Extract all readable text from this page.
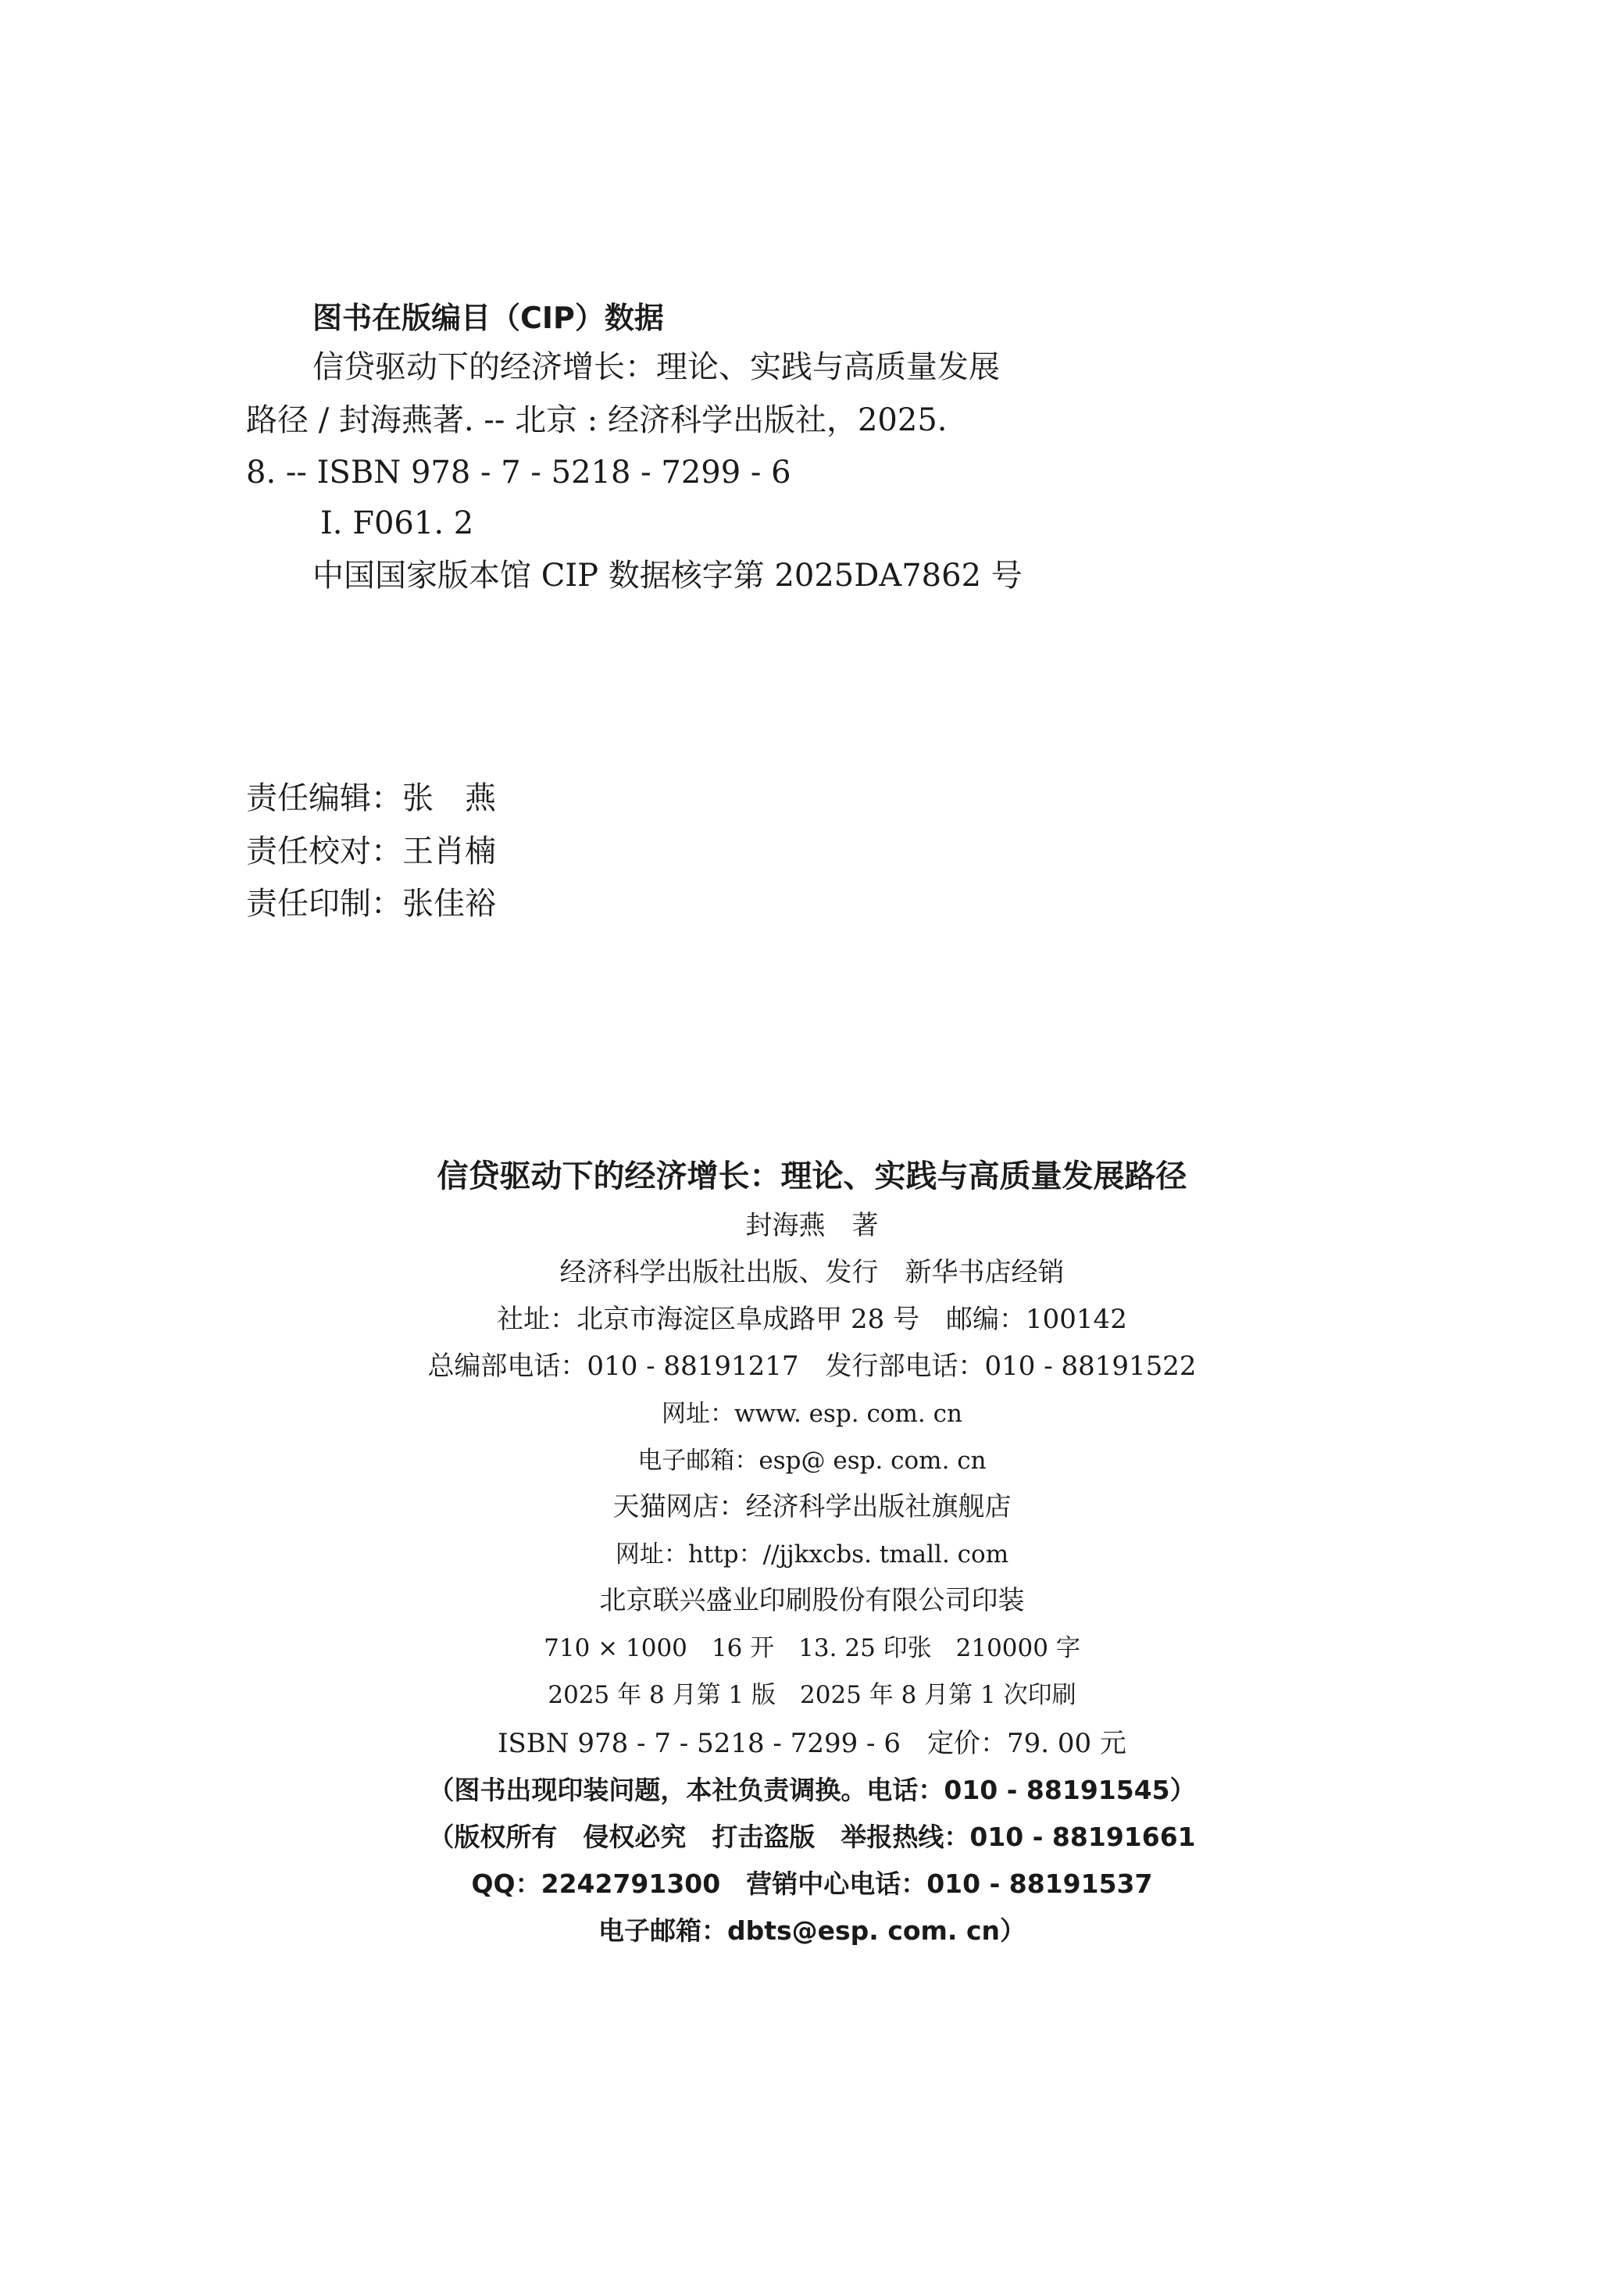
图书在版编目（CIP）数据
信贷驱动下的经济增长：理论、实践与高质量发展
路径 / 封海燕著. -- 北京 : 经济科学出版社，2025.
8. -- ISBN 978 - 7 - 5218 - 7299 - 6
Ⅰ. F061. 2
中国国家版本馆 CIP 数据核字第 2025DA7862 号
责任编辑：张　燕
责任校对：王肖楠
责任印制：张佳裕
信贷驱动下的经济增长：理论、实践与高质量发展路径
封海燕　著
经济科学出版社出版、发行　新华书店经销
社址：北京市海淀区阜成路甲 28 号　邮编：100142
总编部电话：010 - 88191217　发行部电话：010 - 88191522
网址：www. esp. com. cn
电子邮箱：esp@ esp. com. cn
天猫网店：经济科学出版社旗舰店
网址：http：//jjkxcbs. tmall. com
北京联兴盛业印刷股份有限公司印装
710 × 1000　16 开　13. 25 印张　210000 字
2025 年 8 月第 1 版　2025 年 8 月第 1 次印刷
ISBN 978 - 7 - 5218 - 7299 - 6　定价：79. 00 元
（图书出现印装问题，本社负责调换。电话：010 - 88191545）
（版权所有　侵权必究　打击盗版　举报热线：010 - 88191661
QQ：2242791300　营销中心电话：010 - 88191537
电子邮箱：dbts@esp. com. cn）
